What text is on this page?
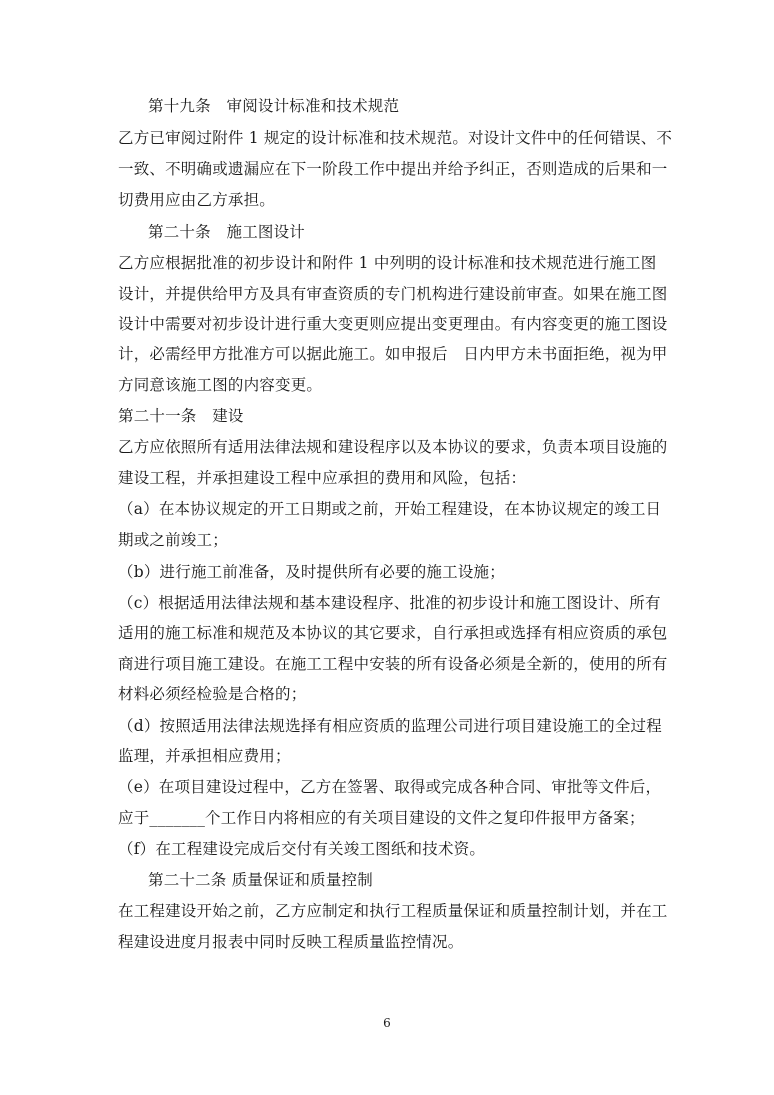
第十九条　审阅设计标准和技术规范
乙方已审阅过附件 1 规定的设计标准和技术规范。对设计文件中的任何错误、不
一致、不明确或遗漏应在下一阶段工作中提出并给予纠正，否则造成的后果和一
切费用应由乙方承担。
第二十条　施工图设计
乙方应根据批准的初步设计和附件 1 中列明的设计标准和技术规范进行施工图
设计，并提供给甲方及具有审查资质的专门机构进行建设前审查。如果在施工图
设计中需要对初步设计进行重大变更则应提出变更理由。有内容变更的施工图设
计，必需经甲方批准方可以据此施工。如申报后　日内甲方未书面拒绝，视为甲
方同意该施工图的内容变更。
第二十一条　建设
乙方应依照所有适用法律法规和建设程序以及本协议的要求，负责本项目设施的
建设工程，并承担建设工程中应承担的费用和风险，包括：
（a）在本协议规定的开工日期或之前，开始工程建设，在本协议规定的竣工日
期或之前竣工；
（b）进行施工前准备，及时提供所有必要的施工设施；
（c）根据适用法律法规和基本建设程序、批准的初步设计和施工图设计、所有
适用的施工标准和规范及本协议的其它要求，自行承担或选择有相应资质的承包
商进行项目施工建设。在施工工程中安装的所有设备必须是全新的，使用的所有
材料必须经检验是合格的；
（d）按照适用法律法规选择有相应资质的监理公司进行项目建设施工的全过程
监理，并承担相应费用；
（e）在项目建设过程中，乙方在签署、取得或完成各种合同、审批等文件后，
应于_______个工作日内将相应的有关项目建设的文件之复印件报甲方备案；
（f）在工程建设完成后交付有关竣工图纸和技术资。
第二十二条 质量保证和质量控制
在工程建设开始之前，乙方应制定和执行工程质量保证和质量控制计划，并在工
程建设进度月报表中同时反映工程质量监控情况。
6
